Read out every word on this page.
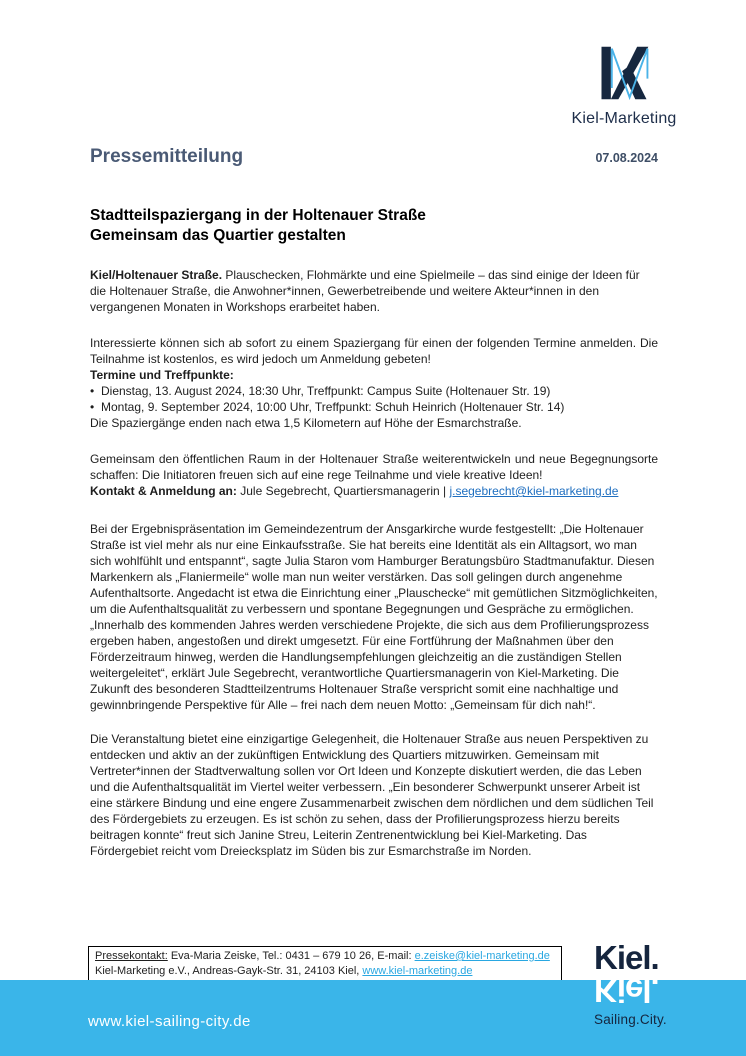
Kiel-Marketing
Pressemitteilung	07.08.2024
Stadtteilspaziergang in der Holtenauer Straße
Gemeinsam das Quartier gestalten

Kiel/Holtenauer Straße. Plauschecken, Flohmärkte und eine Spielmeile – das sind einige der Ideen für die Holtenauer Straße, die Anwohner*innen, Gewerbetreibende und weitere Akteur*innen in den vergangenen Monaten in Workshops erarbeitet haben.

Interessierte können sich ab sofort zu einem Spaziergang für einen der folgenden Termine anmelden. Die Teilnahme ist kostenlos, es wird jedoch um Anmeldung gebeten!

Termine und Treffpunkte:
• Dienstag, 13. August 2024, 18:30 Uhr, Treffpunkt: Campus Suite (Holtenauer Str. 19)
• Montag, 9. September 2024, 10:00 Uhr, Treffpunkt: Schuh Heinrich (Holtenauer Str. 14)
Die Spaziergänge enden nach etwa 1,5 Kilometern auf Höhe der Esmarchstraße.

Gemeinsam den öffentlichen Raum in der Holtenauer Straße weiterentwickeln und neue Begegnungsorte schaffen: Die Initiatoren freuen sich auf eine rege Teilnahme und viele kreative Ideen!

Kontakt & Anmeldung an: Jule Segebrecht, Quartiersmanagerin | j.segebrecht@kiel-marketing.de

Bei der Ergebnispräsentation im Gemeindezentrum der Ansgarkirche wurde festgestellt: „Die Holtenauer Straße ist viel mehr als nur eine Einkaufsstraße. Sie hat bereits eine Identität als ein Alltagsort, wo man sich wohlfühlt und entspannt“, sagte Julia Staron vom Hamburger Beratungsbüro Stadtmanufaktur. Diesen Markenkern als „Flaniermeile“ wolle man nun weiter verstärken. Das soll gelingen durch angenehme Aufenthaltsorte. Angedacht ist etwa die Einrichtung einer „Plauschecke“ mit gemütlichen Sitzmöglichkeiten, um die Aufenthaltsqualität zu verbessern und spontane Begegnungen und Gespräche zu ermöglichen. „Innerhalb des kommenden Jahres werden verschiedene Projekte, die sich aus dem Profilierungsprozess ergeben haben, angestoßen und direkt umgesetzt. Für eine Fortführung der Maßnahmen über den Förderzeitraum hinweg, werden die Handlungsempfehlungen gleichzeitig an die zuständigen Stellen weitergeleitet“, erklärt Jule Segebrecht, verantwortliche Quartiersmanagerin von Kiel-Marketing. Die Zukunft des besonderen Stadtteilzentrums Holtenauer Straße verspricht somit eine nachhaltige und gewinnbringende Perspektive für Alle – frei nach dem neuen Motto: „Gemeinsam für dich nah!“.

Die Veranstaltung bietet eine einzigartige Gelegenheit, die Holtenauer Straße aus neuen Perspektiven zu entdecken und aktiv an der zukünftigen Entwicklung des Quartiers mitzuwirken. Gemeinsam mit Vertreter*innen der Stadtverwaltung sollen vor Ort Ideen und Konzepte diskutiert werden, die das Leben und die Aufenthaltsqualität im Viertel weiter verbessern. „Ein besonderer Schwerpunkt unserer Arbeit ist eine stärkere Bindung und eine engere Zusammenarbeit zwischen dem nördlichen und dem südlichen Teil des Fördergebiets zu erzeugen. Es ist schön zu sehen, dass der Profilierungsprozess hierzu bereits beitragen konnte“ freut sich Janine Streu, Leiterin Zentrenentwicklung bei Kiel-Marketing. Das Fördergebiet reicht vom Dreiecksplatz im Süden bis zur Esmarchstraße im Norden.

Pressekontakt: Eva-Maria Zeiske, Tel.: 0431 – 679 10 26, E-mail: e.zeiske@kiel-marketing.de
Kiel-Marketing e.V., Andreas-Gayk-Str. 31, 24103 Kiel, www.kiel-marketing.de
www.kiel-sailing-city.de
Kiel.
Kiel.
Sailing.City.
